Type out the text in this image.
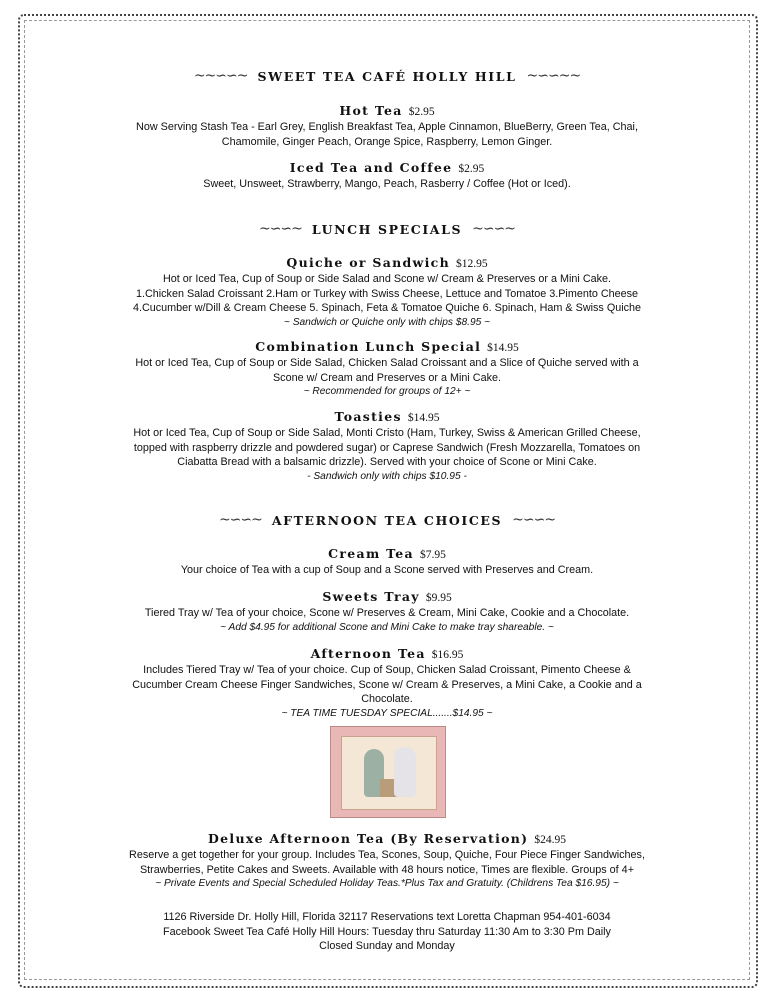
~~∽∽~ SWEET TEA CAFÉ HOLLY HILL ~∽∽~~
Hot Tea $2.95
Now Serving Stash Tea - Earl Grey, English Breakfast Tea, Apple Cinnamon, BlueBerry, Green Tea, Chai,
Chamomile, Ginger Peach, Orange Spice, Raspberry, Lemon Ginger.
Iced Tea and Coffee $2.95
Sweet, Unsweet, Strawberry, Mango, Peach, Rasberry / Coffee (Hot or Iced).
~∽∽~ LUNCH SPECIALS ~∽∽~
Quiche or Sandwich $12.95
Hot or Iced Tea, Cup of Soup or Side Salad and Scone w/ Cream & Preserves or a Mini Cake.
1.Chicken Salad Croissant 2.Ham or Turkey with Swiss Cheese, Lettuce and Tomatoe 3.Pimento Cheese
4.Cucumber w/Dill & Cream Cheese 5. Spinach, Feta & Tomatoe Quiche 6. Spinach, Ham & Swiss Quiche
~ Sandwich or Quiche only with chips $8.95 ~
Combination Lunch Special $14.95
Hot or Iced Tea, Cup of Soup or Side Salad, Chicken Salad Croissant and a Slice of Quiche served with a
Scone w/ Cream and Preserves or a Mini Cake.
~ Recommended for groups of 12+ ~
Toasties $14.95
Hot or Iced Tea, Cup of Soup or Side Salad, Monti Cristo (Ham, Turkey, Swiss & American Grilled Cheese,
topped with raspberry drizzle and powdered sugar) or Caprese Sandwich (Fresh Mozzarella, Tomatoes on
Ciabatta Bread with a balsamic drizzle). Served with your choice of Scone or Mini Cake.
- Sandwich only with chips $10.95 -
~∽∽~ AFTERNOON TEA CHOICES ~∽∽~
Cream Tea $7.95
Your choice of Tea with a cup of Soup and a Scone served with Preserves and Cream.
Sweets Tray $9.95
Tiered Tray w/ Tea of your choice, Scone w/ Preserves & Cream, Mini Cake, Cookie and a Chocolate.
~ Add $4.95 for additional Scone and Mini Cake to make tray shareable. ~
Afternoon Tea $16.95
Includes Tiered Tray w/ Tea of your choice. Cup of Soup, Chicken Salad Croissant, Pimento Cheese &
Cucumber Cream Cheese Finger Sandwiches, Scone w/ Cream & Preserves, a Mini Cake, a Cookie and a
Chocolate.
~ TEA TIME TUESDAY SPECIAL.......$14.95 ~
Deluxe Afternoon Tea (By Reservation) $24.95
Reserve a get together for your group. Includes Tea, Scones, Soup, Quiche, Four Piece Finger Sandwiches,
Strawberries, Petite Cakes and Sweets. Available with 48 hours notice, Times are flexible. Groups of 4+
~ Private Events and Special Scheduled Holiday Teas.*Plus Tax and Gratuity. (Childrens Tea $16.95) ~
1126 Riverside Dr. Holly Hill, Florida 32117 Reservations text Loretta Chapman 954-401-6034
Facebook Sweet Tea Café Holly Hill Hours: Tuesday thru Saturday 11:30 Am to 3:30 Pm Daily
Closed Sunday and Monday
